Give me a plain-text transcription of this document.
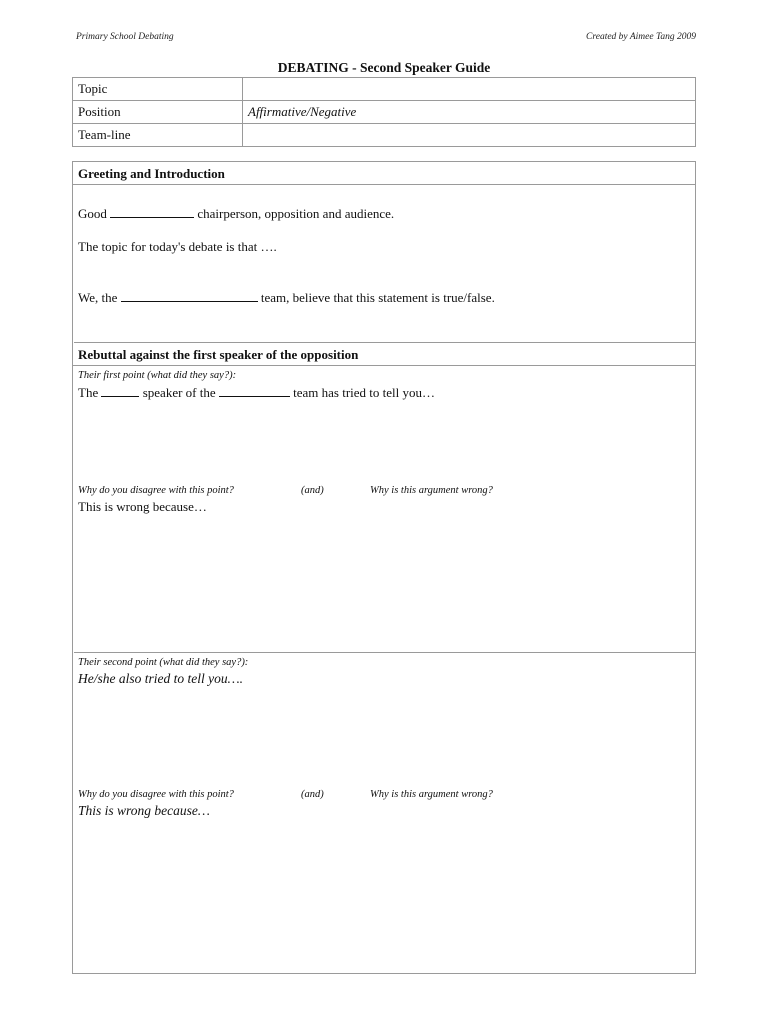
Primary School Debating	Created by Aimee Tang 2009
DEBATING - Second Speaker Guide
Topic	
Position	Affirmative/Negative
Team-line	
Greeting and Introduction
Good	chairperson, opposition and audience.
The topic for today's debate is that ….
We, the	team, believe that this statement is true/false.
Rebuttal against the first speaker of the opposition
Their first point (what did they say?):
The	speaker of the	team has tried to tell you…
Why do you disagree with this point?	(and)	Why is this argument wrong?
This is wrong because…
Their second point (what did they say?):
He/she also tried to tell you….
Why do you disagree with this point?	(and)	Why is this argument wrong?
This is wrong because…
